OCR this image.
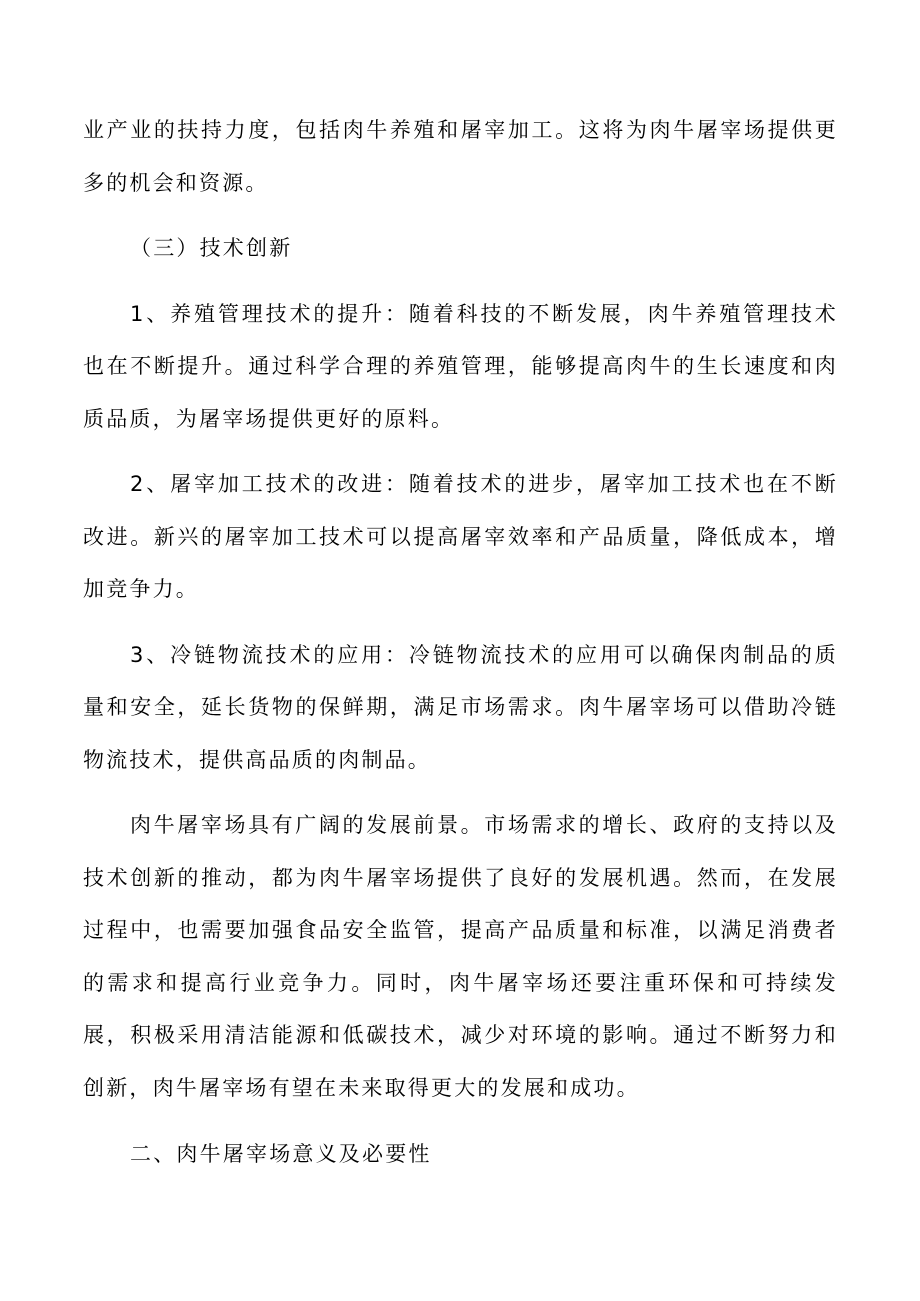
业产业的扶持力度，包括肉牛养殖和屠宰加工。这将为肉牛屠宰场提供更多的机会和资源。

（三）技术创新

1、养殖管理技术的提升：随着科技的不断发展，肉牛养殖管理技术也在不断提升。通过科学合理的养殖管理，能够提高肉牛的生长速度和肉质品质，为屠宰场提供更好的原料。

2、屠宰加工技术的改进：随着技术的进步，屠宰加工技术也在不断改进。新兴的屠宰加工技术可以提高屠宰效率和产品质量，降低成本，增加竞争力。

3、冷链物流技术的应用：冷链物流技术的应用可以确保肉制品的质量和安全，延长货物的保鲜期，满足市场需求。肉牛屠宰场可以借助冷链物流技术，提供高品质的肉制品。

肉牛屠宰场具有广阔的发展前景。市场需求的增长、政府的支持以及技术创新的推动，都为肉牛屠宰场提供了良好的发展机遇。然而，在发展过程中，也需要加强食品安全监管，提高产品质量和标准，以满足消费者的需求和提高行业竞争力。同时，肉牛屠宰场还要注重环保和可持续发展，积极采用清洁能源和低碳技术，减少对环境的影响。通过不断努力和创新，肉牛屠宰场有望在未来取得更大的发展和成功。

二、肉牛屠宰场意义及必要性
